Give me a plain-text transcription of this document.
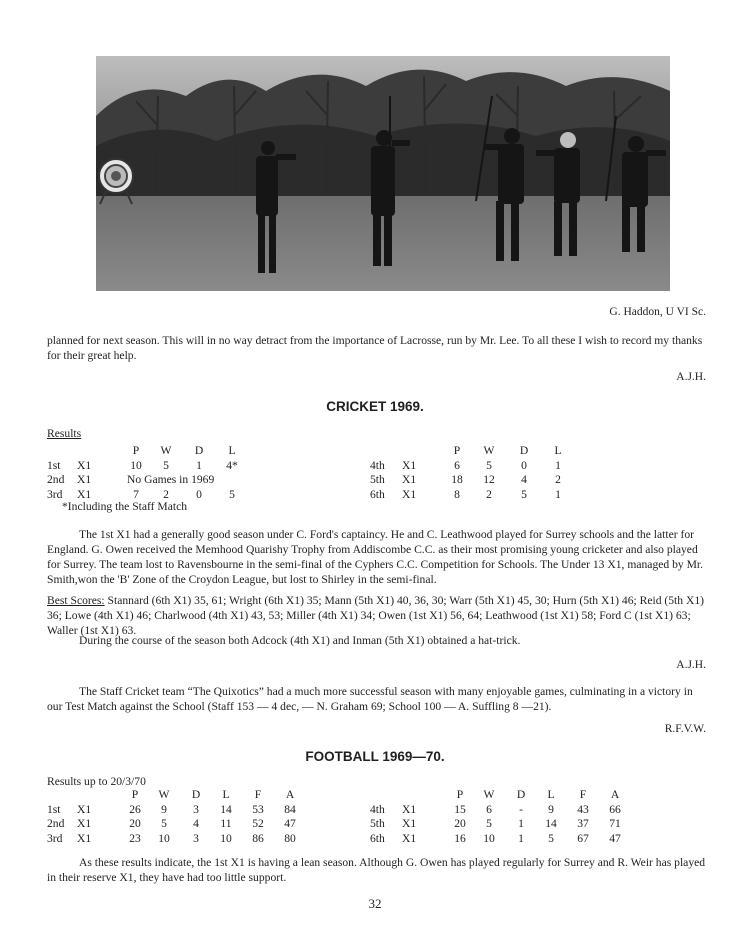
G. Haddon, U VI Sc.
planned for next season. This will in no way detract from the importance of Lacrosse, run by Mr. Lee. To all these I wish to record my thanks for their great help.
A.J.H.
CRICKET 1969.
Results
		P	W	D	L
1st	X1	10	5	1	4*
2nd	X1	No Games in 1969			
3rd	X1	7	2	0	5
*Including the Staff Match
		P	W	D	L
4th	X1	6	5	0	1
5th	X1	18	12	4	2
6th	X1	8	2	5	1
The 1st X1 had a generally good season under C. Ford's captaincy. He and C. Leathwood played for Surrey schools and the latter for England. G. Owen received the Memhood Quarishy Trophy from Addiscombe C.C. as their most promising young cricketer and also played for Surrey. The team lost to Ravensbourne in the semi-final of the Cyphers C.C. Competition for Schools. The Under 13 X1, managed by Mr. Smith,won the 'B' Zone of the Croydon League, but lost to Shirley in the semi-final.
Best Scores: Stannard (6th X1) 35, 61; Wright (6th X1) 35; Mann (5th X1) 40, 36, 30; Warr (5th X1) 45, 30; Hurn (5th X1) 46; Reid (5th X1) 36; Lowe (4th X1) 46; Charlwood (4th X1) 43, 53; Miller (4th X1) 34; Owen (1st X1) 56, 64; Leathwood (1st X1) 58; Ford C (1st X1) 63; Waller (1st X1) 63.
During the course of the season both Adcock (4th X1) and Inman (5th X1) obtained a hat-trick.
A.J.H.
The Staff Cricket team “The Quixotics” had a much more successful season with many enjoyable games, culminating in a victory in our Test Match against the School (Staff 153 — 4 dec, — N. Graham 69; School 100 — A. Suffling 8 —21).
R.F.V.W.
FOOTBALL 1969—70.
Results up to 20/3/70
		P	W	D	L	F	A
1st	X1	26	9	3	14	53	84
2nd	X1	20	5	4	11	52	47
3rd	X1	23	10	3	10	86	80
		P	W	D	L	F	A
4th	X1	15	6	-	9	43	66
5th	X1	20	5	1	14	37	71
6th	X1	16	10	1	5	67	47
As these results indicate, the 1st X1 is having a lean season. Although G. Owen has played regularly for Surrey and R. Weir has played in their reserve X1, they have had too little support.
32
